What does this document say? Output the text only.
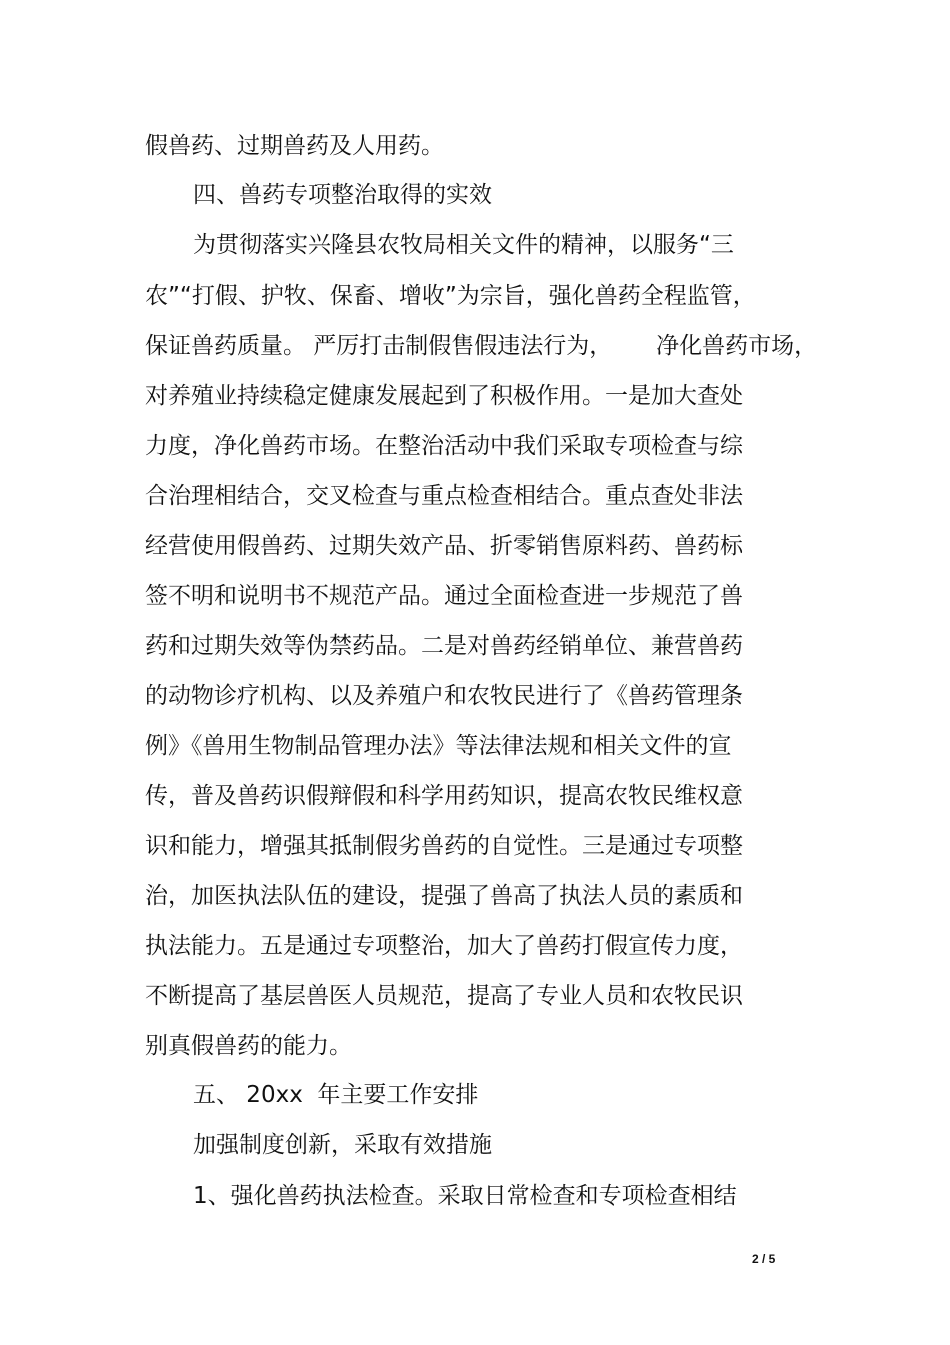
假兽药、过期兽药及人用药。
四、兽药专项整治取得的实效
为贯彻落实兴隆县农牧局相关文件的精神，以服务“三
农”“打假、护牧、保畜、增收”为宗旨，强化兽药全程监管，
保证兽药质量。 严厉打击制假售假违法行为，      净化兽药市场，
对养殖业持续稳定健康发展起到了积极作用。一是加大查处
力度，净化兽药市场。在整治活动中我们采取专项检查与综
合治理相结合，交叉检查与重点检查相结合。重点查处非法
经营使用假兽药、过期失效产品、折零销售原料药、兽药标
签不明和说明书不规范产品。通过全面检查进一步规范了兽
药和过期失效等伪禁药品。二是对兽药经销单位、兼营兽药
的动物诊疗机构、以及养殖户和农牧民进行了《兽药管理条
例》《兽用生物制品管理办法》等法律法规和相关文件的宣
传，普及兽药识假辩假和科学用药知识，提高农牧民维权意
识和能力，增强其抵制假劣兽药的自觉性。三是通过专项整
治，加医执法队伍的建设，提强了兽高了执法人员的素质和
执法能力。五是通过专项整治，加大了兽药打假宣传力度，
不断提高了基层兽医人员规范，提高了专业人员和农牧民识
别真假兽药的能力。
五、 20xx  年主要工作安排
加强制度创新，采取有效措施
1、强化兽药执法检查。采取日常检查和专项检查相结
2 / 5
